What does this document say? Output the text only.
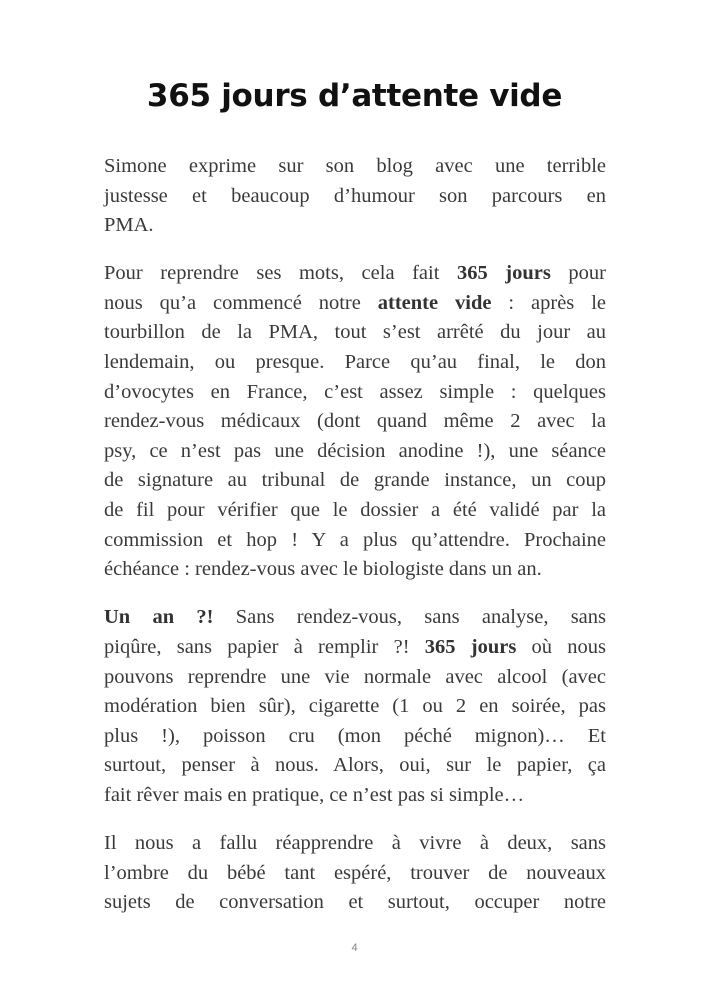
365 jours d’attente vide
Simone exprime sur son blog avec une terrible
justesse et beaucoup d’humour son parcours en
PMA.
Pour reprendre ses mots, cela fait 365 jours pour
nous qu’a commencé notre attente vide : après le
tourbillon de la PMA, tout s’est arrêté du jour au
lendemain, ou presque. Parce qu’au final, le don
d’ovocytes en France, c’est assez simple : quelques
rendez-vous médicaux (dont quand même 2 avec la
psy, ce n’est pas une décision anodine !), une séance
de signature au tribunal de grande instance, un coup
de fil pour vérifier que le dossier a été validé par la
commission et hop ! Y a plus qu’attendre. Prochaine
échéance : rendez-vous avec le biologiste dans un an.
Un an ?! Sans rendez-vous, sans analyse, sans
piqûre, sans papier à remplir ?! 365 jours où nous
pouvons reprendre une vie normale avec alcool (avec
modération bien sûr), cigarette (1 ou 2 en soirée, pas
plus !), poisson cru (mon péché mignon)… Et
surtout, penser à nous. Alors, oui, sur le papier, ça
fait rêver mais en pratique, ce n’est pas si simple…
Il nous a fallu réapprendre à vivre à deux, sans
l’ombre du bébé tant espéré, trouver de nouveaux
sujets de conversation et surtout, occuper notre
4
